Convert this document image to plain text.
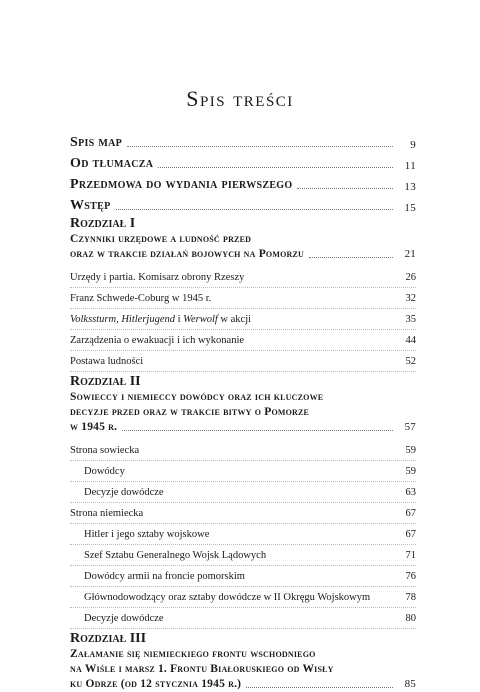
Spis treści
Spis map	9
Od tłumacza	11
Przedmowa do wydania pierwszego	13
Wstęp	15
Rozdział I
Czynniki urzędowe a ludność przed
oraz w trakcie działań bojowych na Pomorzu	21
Urzędy i partia. Komisarz obrony Rzeszy	26
Franz Schwede-Coburg w 1945 r.	32
Volkssturm, Hitlerjugend i Werwolf w akcji	35
Zarządzenia o ewakuacji i ich wykonanie	44
Postawa ludności	52
Rozdział II
Sowieccy i niemieccy dowódcy oraz ich kluczowe
decyzje przed oraz w trakcie bitwy o Pomorze
w 1945 r.	57
Strona sowiecka	59
Dowódcy	59
Decyzje dowódcze	63
Strona niemiecka	67
Hitler i jego sztaby wojskowe	67
Szef Sztabu Generalnego Wojsk Lądowych	71
Dowódcy armii na froncie pomorskim	76
Głównodowodzący oraz sztaby dowódcze w II Okręgu Wojskowym	78
Decyzje dowódcze	80
Rozdział III
Załamanie się niemieckiego frontu wschodniego
na Wiśle i marsz 1. Frontu Białoruskiego od Wisły
ku Odrze (od 12 stycznia 1945 r.)	85
